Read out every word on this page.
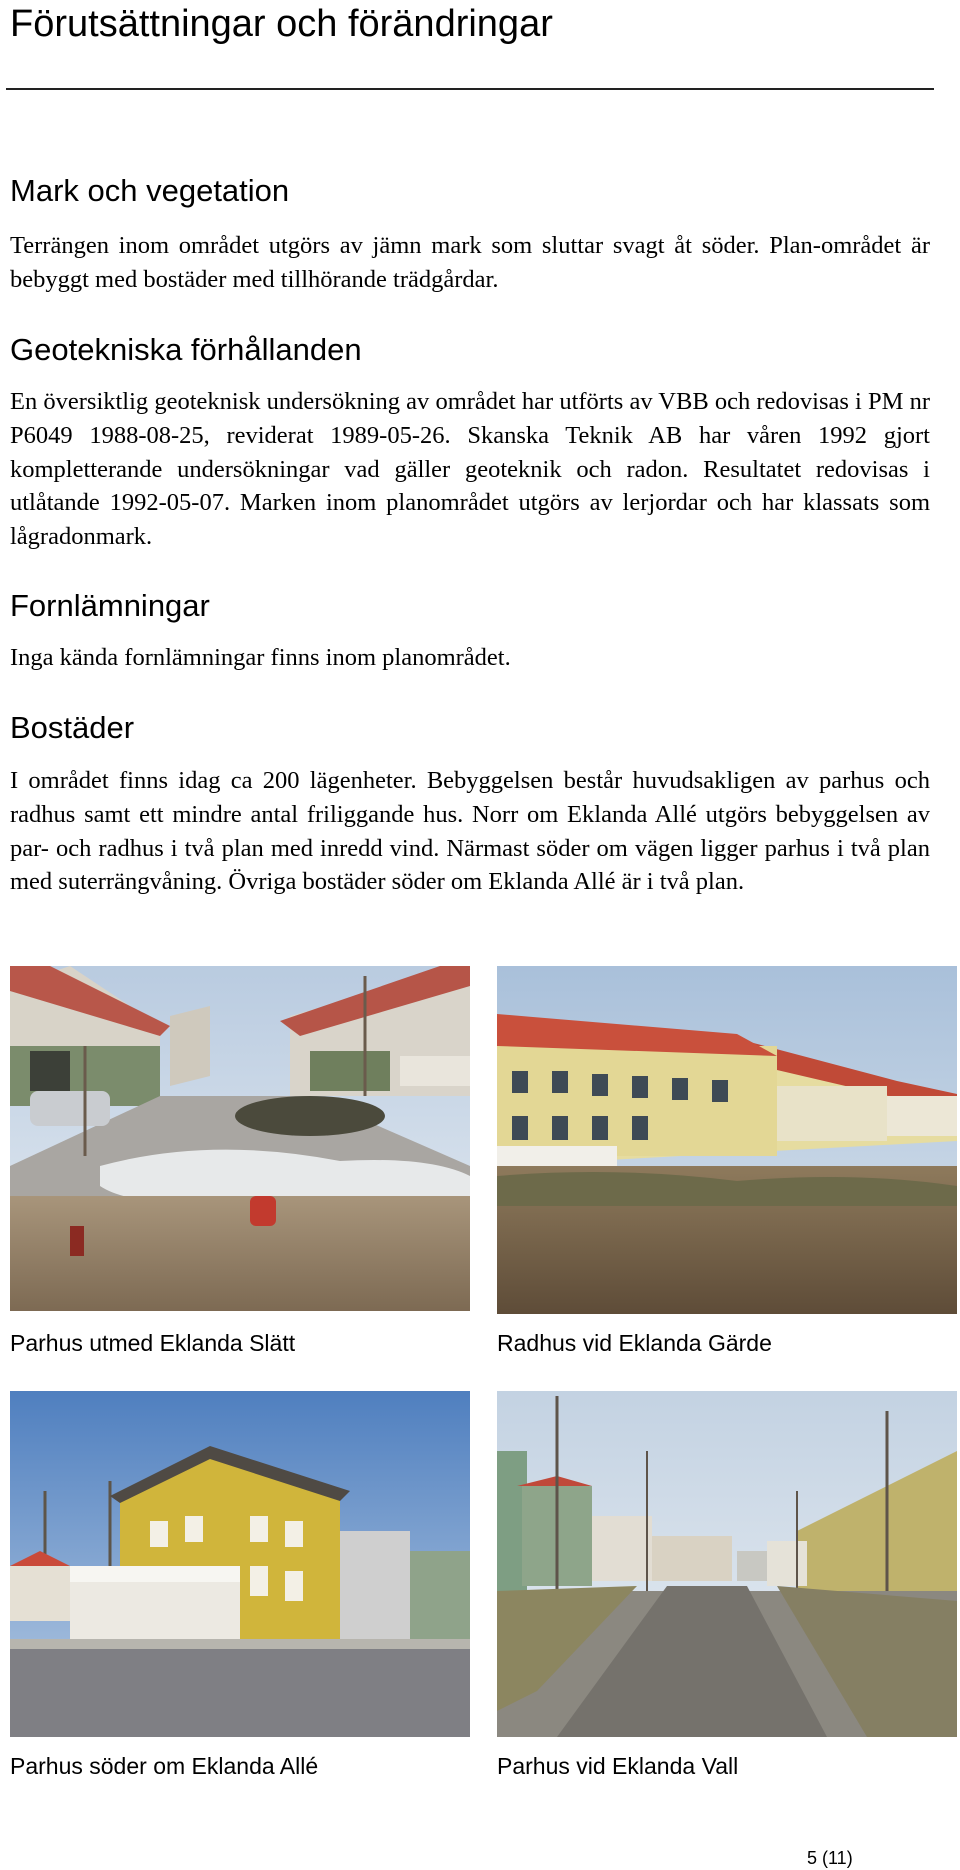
Förutsättningar och förändringar
Mark och vegetation

Terrängen inom området utgörs av jämn mark som sluttar svagt åt söder. Plan-området är bebyggt med bostäder med tillhörande trädgårdar.

Geotekniska förhållanden

En översiktlig geoteknisk undersökning av området har utförts av VBB och redovisas i PM nr P6049 1988-08-25, reviderat 1989-05-26. Skanska Teknik AB har våren 1992 gjort kompletterande undersökningar vad gäller geoteknik och radon. Resultatet redovisas i utlåtande 1992-05-07. Marken inom planområdet utgörs av lerjordar och har klassats som lågradonmark.

Fornlämningar

Inga kända fornlämningar finns inom planområdet.

Bostäder

I området finns idag ca 200 lägenheter. Bebyggelsen består huvudsakligen av parhus och radhus samt ett mindre antal friliggande hus. Norr om Eklanda Allé utgörs bebyggelsen av par- och radhus i två plan med inredd vind. Närmast söder om vägen ligger parhus i två plan med suterrängvåning. Övriga bostäder söder om Eklanda Allé är i två plan.

Parhus utmed Eklanda Slätt	Radhus vid Eklanda Gärde

Parhus söder om Eklanda Allé	Parhus vid Eklanda Vall

5 (11)
